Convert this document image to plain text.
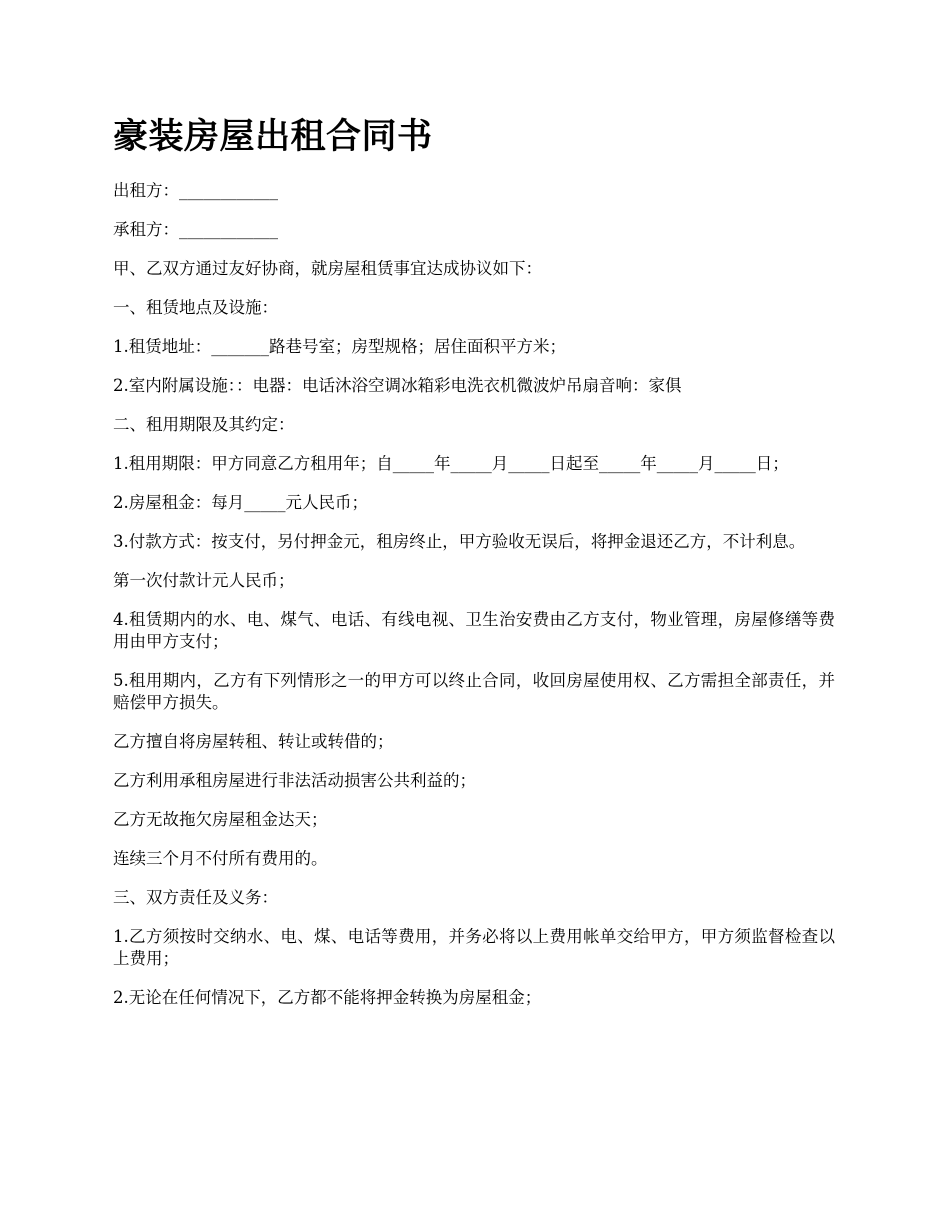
豪装房屋出租合同书

出租方：____________

承租方：____________

甲、乙双方通过友好协商，就房屋租赁事宜达成协议如下：

一、租赁地点及设施：

1.租赁地址：_______路巷号室；房型规格；居住面积平方米；

2.室内附属设施：：电器：电话沐浴空调冰箱彩电洗衣机微波炉吊扇音响：家俱

二、租用期限及其约定：

1.租用期限：甲方同意乙方租用年；自_____年_____月_____日起至_____年_____月_____日；

2.房屋租金：每月_____元人民币；

3.付款方式：按支付，另付押金元，租房终止，甲方验收无误后，将押金退还乙方，不计利息。

第一次付款计元人民币；

4.租赁期内的水、电、煤气、电话、有线电视、卫生治安费由乙方支付，物业管理，房屋修缮等费用由甲方支付；

5.租用期内，乙方有下列情形之一的甲方可以终止合同，收回房屋使用权、乙方需担全部责任，并赔偿甲方损失。

乙方擅自将房屋转租、转让或转借的；

乙方利用承租房屋进行非法活动损害公共利益的；

乙方无故拖欠房屋租金达天；

连续三个月不付所有费用的。

三、双方责任及义务：

1.乙方须按时交纳水、电、煤、电话等费用，并务必将以上费用帐单交给甲方，甲方须监督检查以上费用；

2.无论在任何情况下，乙方都不能将押金转换为房屋租金；
